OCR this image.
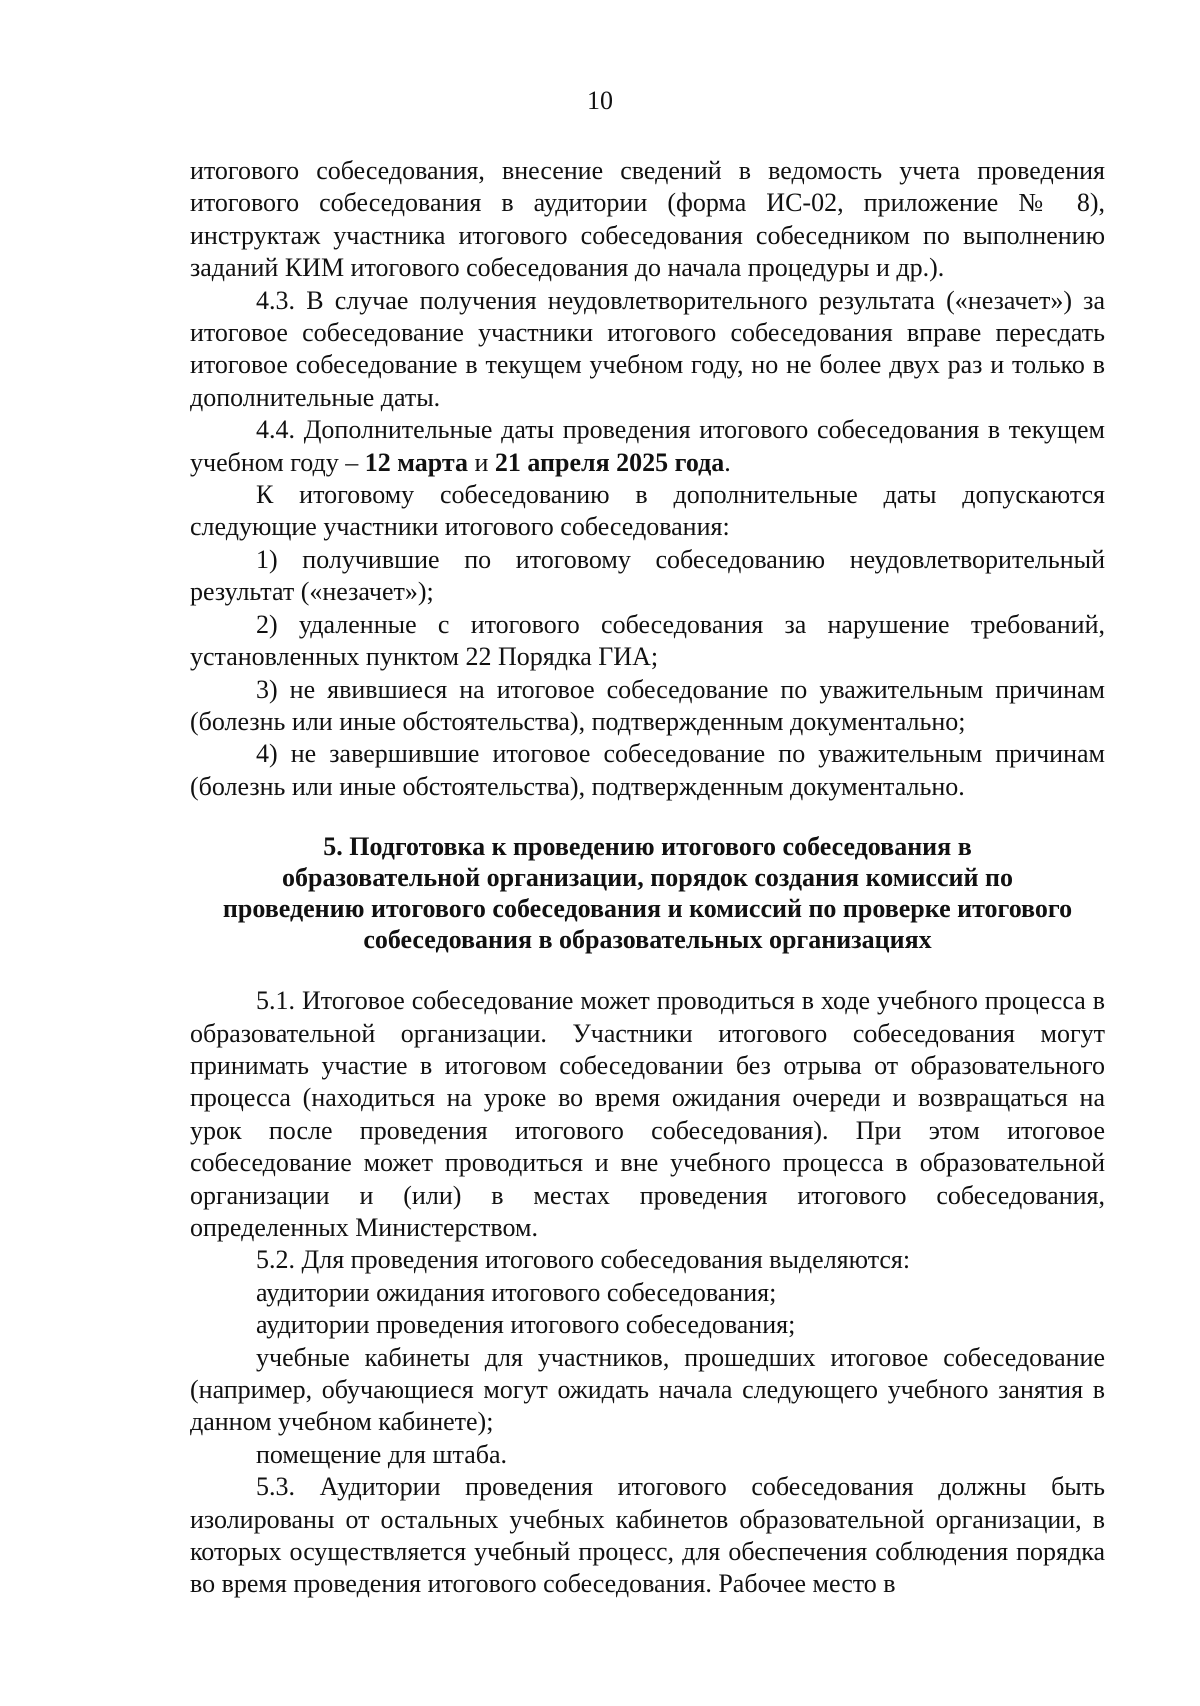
10

итогового собеседования, внесение сведений в ведомость учета проведения итогового собеседования в аудитории (форма ИС-02, приложение № 8), инструктаж участника итогового собеседования собеседником по выполнению заданий КИМ итогового собеседования до начала процедуры и др.).

4.3. В случае получения неудовлетворительного результата («незачет») за итоговое собеседование участники итогового собеседования вправе пересдать итоговое собеседование в текущем учебном году, но не более двух раз и только в дополнительные даты.

4.4. Дополнительные даты проведения итогового собеседования в текущем учебном году – 12 марта и 21 апреля 2025 года.

К итоговому собеседованию в дополнительные даты допускаются следующие участники итогового собеседования:

1) получившие по итоговому собеседованию неудовлетворительный результат («незачет»);

2) удаленные с итогового собеседования за нарушение требований, установленных пунктом 22 Порядка ГИА;

3) не явившиеся на итоговое собеседование по уважительным причинам (болезнь или иные обстоятельства), подтвержденным документально;

4) не завершившие итоговое собеседование по уважительным причинам (болезнь или иные обстоятельства), подтвержденным документально.

5. Подготовка к проведению итогового собеседования в
образовательной организации, порядок создания комиссий по
проведению итогового собеседования и комиссий по проверке итогового
собеседования в образовательных организациях

5.1. Итоговое собеседование может проводиться в ходе учебного процесса в образовательной организации. Участники итогового собеседования могут принимать участие в итоговом собеседовании без отрыва от образовательного процесса (находиться на уроке во время ожидания очереди и возвращаться на урок после проведения итогового собеседования). При этом итоговое собеседование может проводиться и вне учебного процесса в образовательной организации и (или) в местах проведения итогового собеседования, определенных Министерством.

5.2. Для проведения итогового собеседования выделяются:

аудитории ожидания итогового собеседования;

аудитории проведения итогового собеседования;

учебные кабинеты для участников, прошедших итоговое собеседование (например, обучающиеся могут ожидать начала следующего учебного занятия в данном учебном кабинете);

помещение для штаба.

5.3. Аудитории проведения итогового собеседования должны быть изолированы от остальных учебных кабинетов образовательной организации, в которых осуществляется учебный процесс, для обеспечения соблюдения порядка во время проведения итогового собеседования. Рабочее место в
